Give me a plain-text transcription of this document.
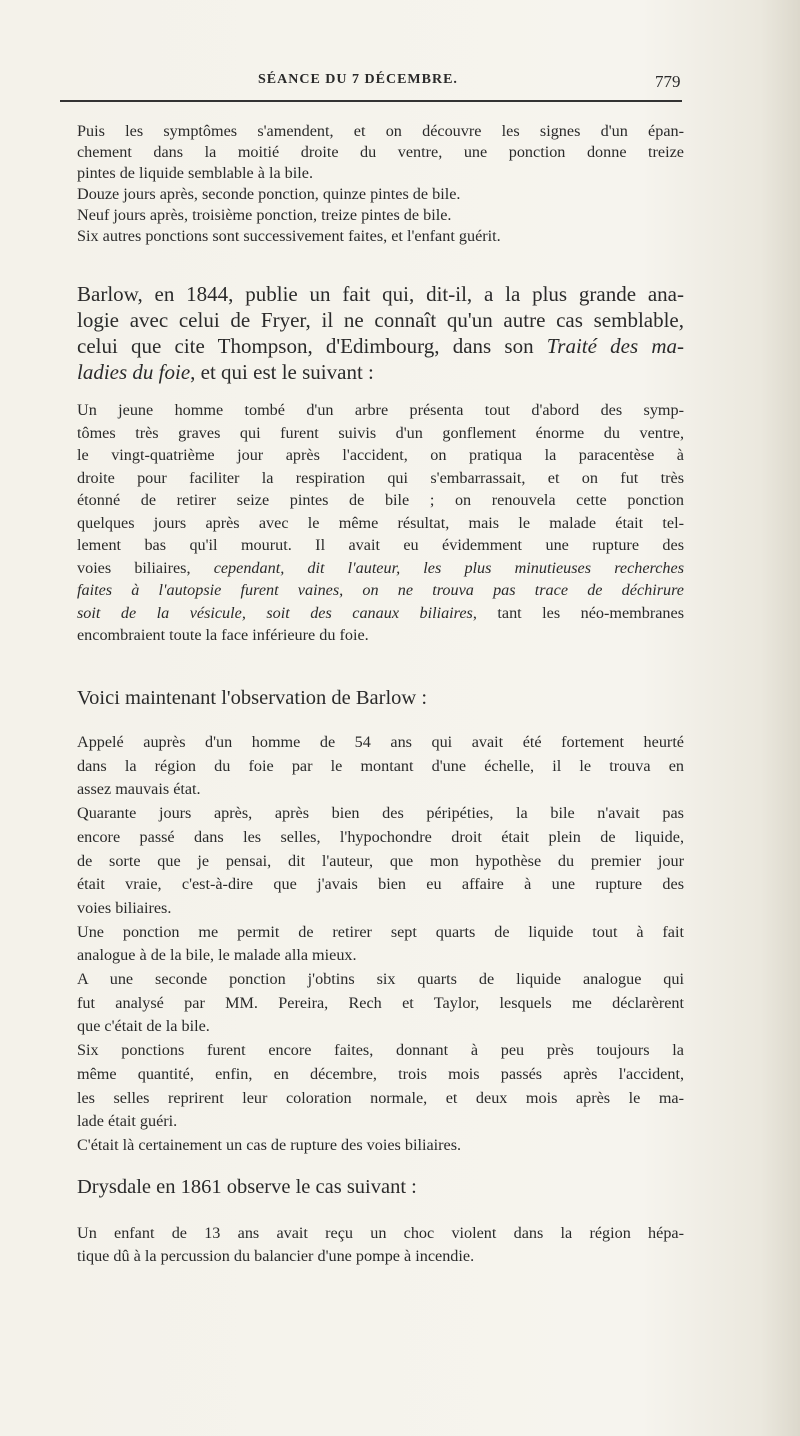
SÉANCE DU 7 DÉCEMBRE.	779
Puis les symptômes s'amendent, et on découvre les signes d'un épan-
chement dans la moitié droite du ventre, une ponction donne treize
pintes de liquide semblable à la bile.
Douze jours après, seconde ponction, quinze pintes de bile.
Neuf jours après, troisième ponction, treize pintes de bile.
Six autres ponctions sont successivement faites, et l'enfant guérit.
Barlow, en 1844, publie un fait qui, dit-il, a la plus grande ana-
logie avec celui de Fryer, il ne connaît qu'un autre cas semblable,
celui que cite Thompson, d'Edimbourg, dans son Traité des ma-
ladies du foie, et qui est le suivant :
Un jeune homme tombé d'un arbre présenta tout d'abord des symp-
tômes très graves qui furent suivis d'un gonflement énorme du ventre,
le vingt-quatrième jour après l'accident, on pratiqua la paracentèse à
droite pour faciliter la respiration qui s'embarrassait, et on fut très
étonné de retirer seize pintes de bile ; on renouvela cette ponction
quelques jours après avec le même résultat, mais le malade était tel-
lement bas qu'il mourut. Il avait eu évidemment une rupture des
voies biliaires, cependant, dit l'auteur, les plus minutieuses recherches
faites à l'autopsie furent vaines, on ne trouva pas trace de déchirure
soit de la vésicule, soit des canaux biliaires, tant les néo-membranes
encombraient toute la face inférieure du foie.
Voici maintenant l'observation de Barlow :
Appelé auprès d'un homme de 54 ans qui avait été fortement heurté
dans la région du foie par le montant d'une échelle, il le trouva en
assez mauvais état.
Quarante jours après, après bien des péripéties, la bile n'avait pas
encore passé dans les selles, l'hypochondre droit était plein de liquide,
de sorte que je pensai, dit l'auteur, que mon hypothèse du premier jour
était vraie, c'est-à-dire que j'avais bien eu affaire à une rupture des
voies biliaires.
Une ponction me permit de retirer sept quarts de liquide tout à fait
analogue à de la bile, le malade alla mieux.
A une seconde ponction j'obtins six quarts de liquide analogue qui
fut analysé par MM. Pereira, Rech et Taylor, lesquels me déclarèrent
que c'était de la bile.
Six ponctions furent encore faites, donnant à peu près toujours la
même quantité, enfin, en décembre, trois mois passés après l'accident,
les selles reprirent leur coloration normale, et deux mois après le ma-
lade était guéri.
C'était là certainement un cas de rupture des voies biliaires.
Drysdale en 1861 observe le cas suivant :
Un enfant de 13 ans avait reçu un choc violent dans la région hépa-
tique dû à la percussion du balancier d'une pompe à incendie.
